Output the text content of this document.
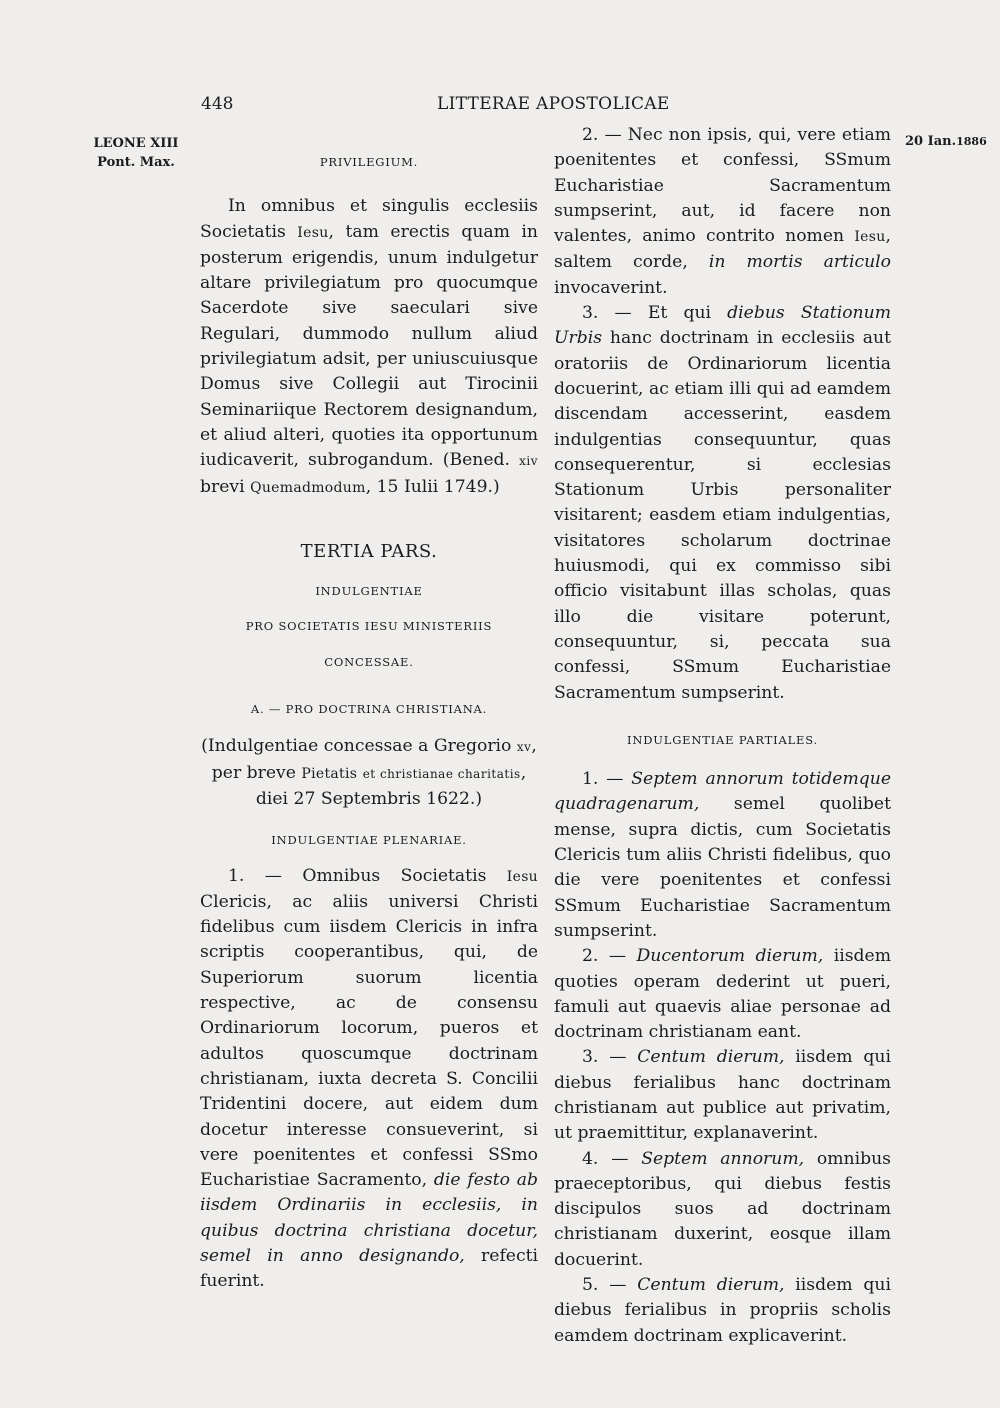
448	LITTERAE APOSTOLICAE
LEONE XIII
Pont. Max.
20 Ian.1886

PRIVILEGIUM.

In omnibus et singulis ecclesiis Societatis Iesu, tam erectis quam in posterum erigendis, unum indulgetur altare privilegiatum pro quocumque Sacerdote sive saeculari sive Regulari, dummodo nullum aliud privilegiatum adsit, per uniuscuiusque Domus sive Collegii aut Tirocinii Seminariique Rectorem designandum, et aliud alteri, quoties ita opportunum iudicaverit, subrogandum. (Bened. xiv brevi Quemadmodum, 15 Iulii 1749.)

TERTIA PARS.

INDULGENTIAE

PRO SOCIETATIS IESU MINISTERIIS

CONCESSAE.

A. — PRO DOCTRINA CHRISTIANA.

(Indulgentiae concessae a Gregorio xv, per breve Pietatis et christianae charitatis, diei 27 Septembris 1622.)

INDULGENTIAE PLENARIAE.

1. — Omnibus Societatis Iesu Clericis, ac aliis universi Christi fidelibus cum iisdem Clericis in infra scriptis cooperantibus, qui, de Superiorum suorum licentia respective, ac de consensu Ordinariorum locorum, pueros et adultos quoscumque doctrinam christianam, iuxta decreta S. Concilii Tridentini docere, aut eidem dum docetur interesse consueverint, si vere poenitentes et confessi SSmo Eucharistiae Sacramento, die festo ab iisdem Ordinariis in ecclesiis, in quibus doctrina christiana docetur, semel in anno designando, refecti fuerint.

2. — Nec non ipsis, qui, vere etiam poenitentes et confessi, SSmum Eucharistiae Sacramentum sumpserint, aut, id facere non valentes, animo contrito nomen Iesu, saltem corde, in mortis articulo invocaverint.

3. — Et qui diebus Stationum Urbis hanc doctrinam in ecclesiis aut oratoriis de Ordinariorum licentia docuerint, ac etiam illi qui ad eamdem discendam accesserint, easdem indulgentias consequuntur, quas consequerentur, si ecclesias Stationum Urbis personaliter visitarent; easdem etiam indulgentias, visitatores scholarum doctrinae huiusmodi, qui ex commisso sibi officio visitabunt illas scholas, quas illo die visitare poterunt, consequuntur, si, peccata sua confessi, SSmum Eucharistiae Sacramentum sumpserint.

INDULGENTIAE PARTIALES.

1. — Septem annorum totidemque quadragenarum, semel quolibet mense, supra dictis, cum Societatis Clericis tum aliis Christi fidelibus, quo die vere poenitentes et confessi SSmum Eucharistiae Sacramentum sumpserint.

2. — Ducentorum dierum, iisdem quoties operam dederint ut pueri, famuli aut quaevis aliae personae ad doctrinam christianam eant.

3. — Centum dierum, iisdem qui diebus ferialibus hanc doctrinam christianam aut publice aut privatim, ut praemittitur, explanaverint.

4. — Septem annorum, omnibus praeceptoribus, qui diebus festis discipulos suos ad doctrinam christianam duxerint, eosque illam docuerint.

5. — Centum dierum, iisdem qui diebus ferialibus in propriis scholis eamdem doctrinam explicaverint.
